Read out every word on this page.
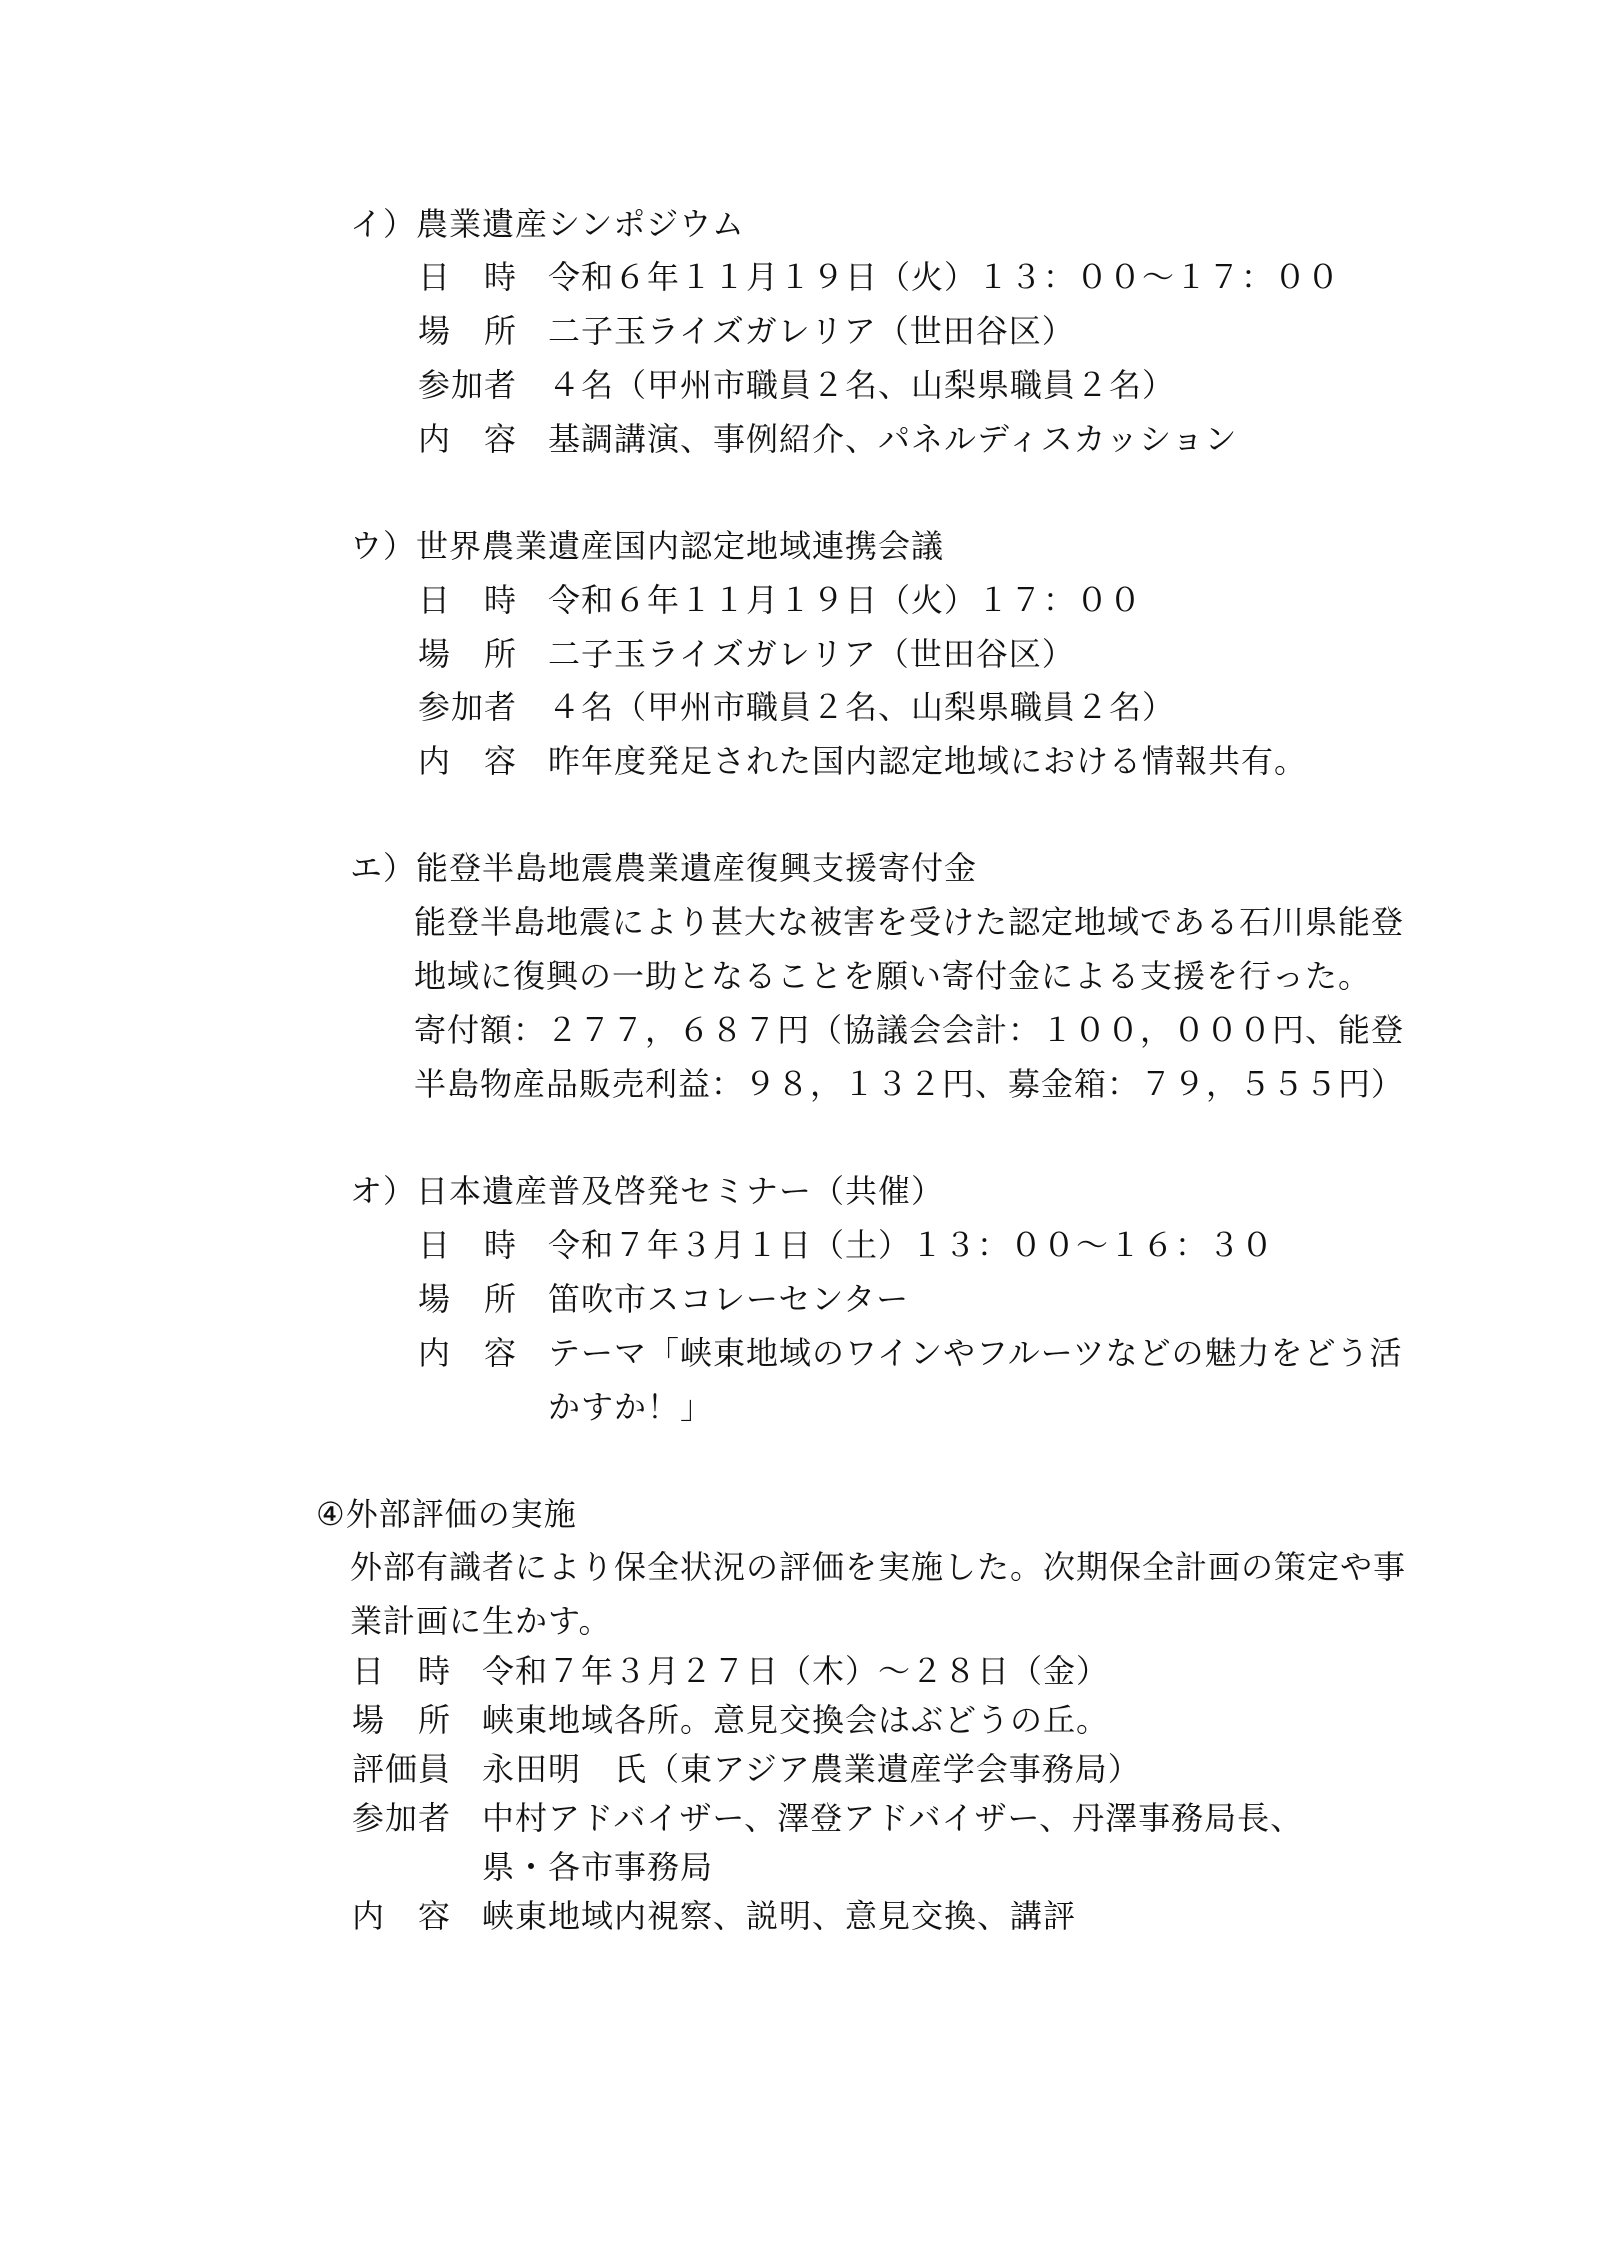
イ）農業遺産シンポジウム
日時
令和６年１１月１９日（火）１３：００～１７：００
場所
二子玉ライズガレリア（世田谷区）
参加者 ４名（甲州市職員２名、山梨県職員２名）
内容
基調講演、事例紹介、パネルディスカッション
ウ）世界農業遺産国内認定地域連携会議
日時
令和６年１１月１９日（火）１７：００
場所
二子玉ライズガレリア（世田谷区）
参加者 ４名（甲州市職員２名、山梨県職員２名）
内容
昨年度発足された国内認定地域における情報共有。
エ）能登半島地震農業遺産復興支援寄付金
能登半島地震により甚大な被害を受けた認定地域である石川県能登
地域に復興の一助となることを願い寄付金による支援を行った。
寄付額：２７７，６８７円（協議会会計：１００，０００円、能登
半島物産品販売利益：９８，１３２円、募金箱：７９，５５５円）
オ）日本遺産普及啓発セミナー（共催）
日時
令和７年３月１日（土）１３：００～１６：３０
場所
笛吹市スコレーセンター
内容
テーマ「峡東地域のワインやフルーツなどの魅力をどう活
かすか！」
④外部評価の実施
外部有識者により保全状況の評価を実施した。次期保全計画の策定や事
業計画に生かす。
日時
令和７年３月２７日（木）～２８日（金）
場所
峡東地域各所。意見交換会はぶどうの丘。
評価員 永田明　氏（東アジア農業遺産学会事務局）
参加者 中村アドバイザー、澤登アドバイザー、丹澤事務局長、
県・各市事務局
内容
峡東地域内視察、説明、意見交換、講評
